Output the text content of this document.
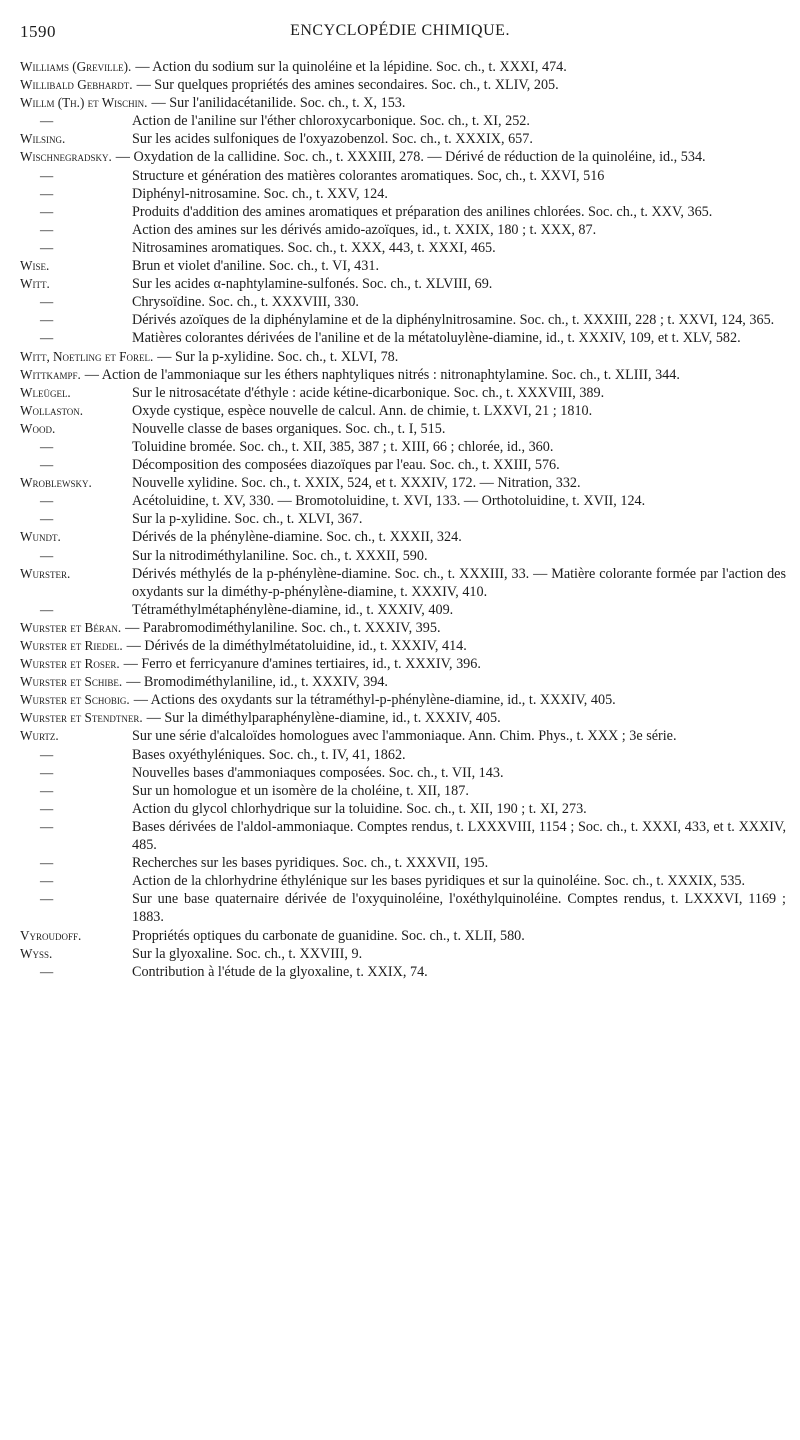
1590	ENCYCLOPÉDIE CHIMIQUE.
Williams (Greville). — Action du sodium sur la quinoléine et la lépidine. Soc. ch., t. XXXI, 474.
Willibald Gebhardt. — Sur quelques propriétés des amines secondaires. Soc. ch., t. XLIV, 205.
Willm (Th.) et Wischin. — Sur l'anilidacétanilide. Soc. ch., t. X, 153.
—	Action de l'aniline sur l'éther chloroxycarbonique. Soc. ch., t. XI, 252.
Wilsing.	Sur les acides sulfoniques de l'oxyazobenzol. Soc. ch., t. XXXIX, 657.
Wischnegradsky. — Oxydation de la callidine. Soc. ch., t. XXXIII, 278. — Dérivé de réduction de la quinoléine, id., 534.
—	Structure et génération des matières colorantes aromatiques. Soc, ch., t. XXVI, 516
—	Diphényl-nitrosamine. Soc. ch., t. XXV, 124.
—	Produits d'addition des amines aromatiques et préparation des anilines chlorées. Soc. ch., t. XXV, 365.
—	Action des amines sur les dérivés amido-azoïques, id., t. XXIX, 180 ; t. XXX, 87.
—	Nitrosamines aromatiques. Soc. ch., t. XXX, 443, t. XXXI, 465.
Wise.	Brun et violet d'aniline. Soc. ch., t. VI, 431.
Witt.	Sur les acides α-naphtylamine-sulfonés. Soc. ch., t. XLVIII, 69.
—	Chrysoïdine. Soc. ch., t. XXXVIII, 330.
—	Dérivés azoïques de la diphénylamine et de la diphénylnitrosamine. Soc. ch., t. XXXIII, 228 ; t. XXVI, 124, 365.
—	Matières colorantes dérivées de l'aniline et de la métatoluylène-diamine, id., t. XXXIV, 109, et t. XLV, 582.
Witt, Noetling et Forel. — Sur la p-xylidine. Soc. ch., t. XLVI, 78.
Wittkampf. — Action de l'ammoniaque sur les éthers naphtyliques nitrés : nitronaphtylamine. Soc. ch., t. XLIII, 344.
Wleügel.	Sur le nitrosacétate d'éthyle : acide kétine-dicarbonique. Soc. ch., t. XXXVIII, 389.
Wollaston.	Oxyde cystique, espèce nouvelle de calcul. Ann. de chimie, t. LXXVI, 21 ; 1810.
Wood.	Nouvelle classe de bases organiques. Soc. ch., t. I, 515.
—	Toluidine bromée. Soc. ch., t. XII, 385, 387 ; t. XIII, 66 ; chlorée, id., 360.
—	Décomposition des composées diazoïques par l'eau. Soc. ch., t. XXIII, 576.
Wroblewsky.	Nouvelle xylidine. Soc. ch., t. XXIX, 524, et t. XXXIV, 172. — Nitration, 332.
—	Acétoluidine, t. XV, 330. — Bromotoluidine, t. XVI, 133. — Orthotoluidine, t. XVII, 124.
—	Sur la p-xylidine. Soc. ch., t. XLVI, 367.
Wundt.	Dérivés de la phénylène-diamine. Soc. ch., t. XXXII, 324.
—	Sur la nitrodiméthylaniline. Soc. ch., t. XXXII, 590.
Wurster.	Dérivés méthylés de la p-phénylène-diamine. Soc. ch., t. XXXIII, 33. — Matière colorante formée par l'action des oxydants sur la diméthy-p-phénylène-diamine, t. XXXIV, 410.
—	Tétraméthylmétaphénylène-diamine, id., t. XXXIV, 409.
Wurster et Béran. — Parabromodiméthylaniline. Soc. ch., t. XXXIV, 395.
Wurster et Riedel. — Dérivés de la diméthylmétatoluidine, id., t. XXXIV, 414.
Wurster et Roser. — Ferro et ferricyanure d'amines tertiaires, id., t. XXXIV, 396.
Wurster et Schibe. — Bromodiméthylaniline, id., t. XXXIV, 394.
Wurster et Schobig. — Actions des oxydants sur la tétraméthyl-p-phénylène-diamine, id., t. XXXIV, 405.
Wurster et Stendtner. — Sur la diméthylparaphénylène-diamine, id., t. XXXIV, 405.
Wurtz.	Sur une série d'alcaloïdes homologues avec l'ammoniaque. Ann. Chim. Phys., t. XXX ; 3e série.
—	Bases oxyéthyléniques. Soc. ch., t. IV, 41, 1862.
—	Nouvelles bases d'ammoniaques composées. Soc. ch., t. VII, 143.
—	Sur un homologue et un isomère de la choléine, t. XII, 187.
—	Action du glycol chlorhydrique sur la toluidine. Soc. ch., t. XII, 190 ; t. XI, 273.
—	Bases dérivées de l'aldol-ammoniaque. Comptes rendus, t. LXXXVIII, 1154 ; Soc. ch., t. XXXI, 433, et t. XXXIV, 485.
—	Recherches sur les bases pyridiques. Soc. ch., t. XXXVII, 195.
—	Action de la chlorhydrine éthylénique sur les bases pyridiques et sur la quinoléine. Soc. ch., t. XXXIX, 535.
—	Sur une base quaternaire dérivée de l'oxyquinoléine, l'oxéthylquinoléine. Comptes rendus, t. LXXXVI, 1169 ; 1883.
Vyroudoff.	Propriétés optiques du carbonate de guanidine. Soc. ch., t. XLII, 580.
Wyss.	Sur la glyoxaline. Soc. ch., t. XXVIII, 9.
—	Contribution à l'étude de la glyoxaline, t. XXIX, 74.
